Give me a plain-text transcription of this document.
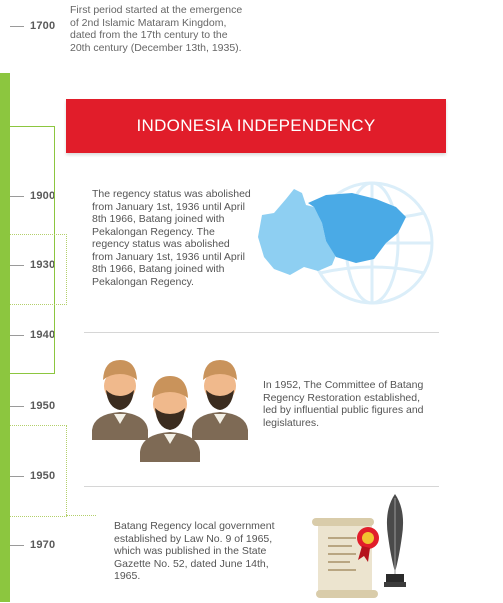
1700
1900
1930
1940
1950
1950
1970
First period started at the emergence of 2nd Islamic Mataram Kingdom, dated from the 17th century to the 20th century (December 13th, 1935).
INDONESIA INDEPENDENCY
The regency status was abolished from January 1st, 1936 until April 8th 1966, Batang joined with Pekalongan Regency. The regency status was abolished from January 1st, 1936 until April 8th 1966, Batang joined with Pekalongan Regency.
In 1952, The Committee of Batang Regency Restoration established, led by influential public figures and legislatures.
Batang Regency local government established by Law No. 9 of 1965, which was published in the State Gazette No. 52, dated June 14th, 1965.
